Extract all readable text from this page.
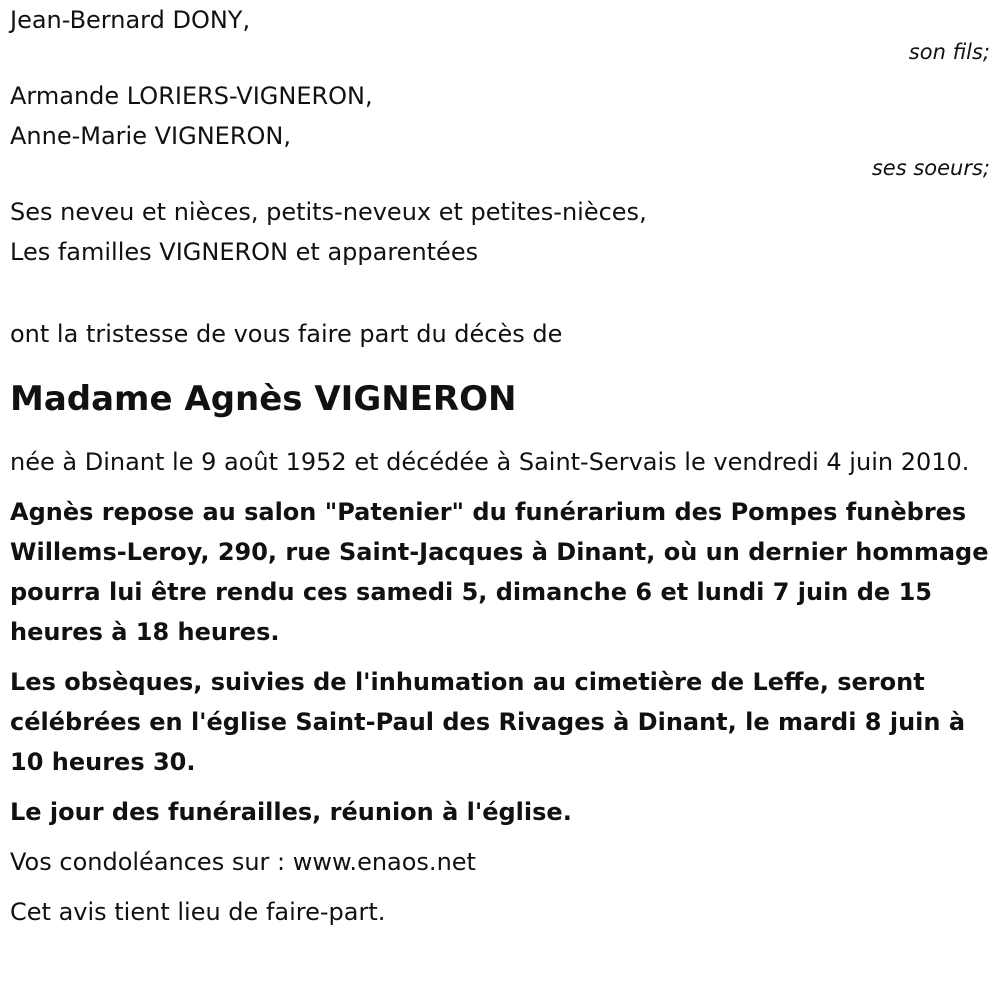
Jean-Bernard DONY,

son fils;

Armande LORIERS-VIGNERON,

Anne-Marie VIGNERON,

ses soeurs;

Ses neveu et nièces, petits-neveux et petites-nièces,

Les familles VIGNERON et apparentées

ont la tristesse de vous faire part du décès de

Madame Agnès VIGNERON

née à Dinant le 9 août 1952 et décédée à Saint-Servais le vendredi 4 juin 2010.

Agnès repose au salon "Patenier" du funérarium des Pompes funèbres Willems-Leroy, 290, rue Saint-Jacques à Dinant, où un dernier hommage pourra lui être rendu ces samedi 5, dimanche 6 et lundi 7 juin de 15 heures à 18 heures.

Les obsèques, suivies de l'inhumation au cimetière de Leffe, seront célébrées en l'église Saint-Paul des Rivages à Dinant, le mardi 8 juin à 10 heures 30.

Le jour des funérailles, réunion à l'église.

Vos condoléances sur : www.enaos.net

Cet avis tient lieu de faire-part.
